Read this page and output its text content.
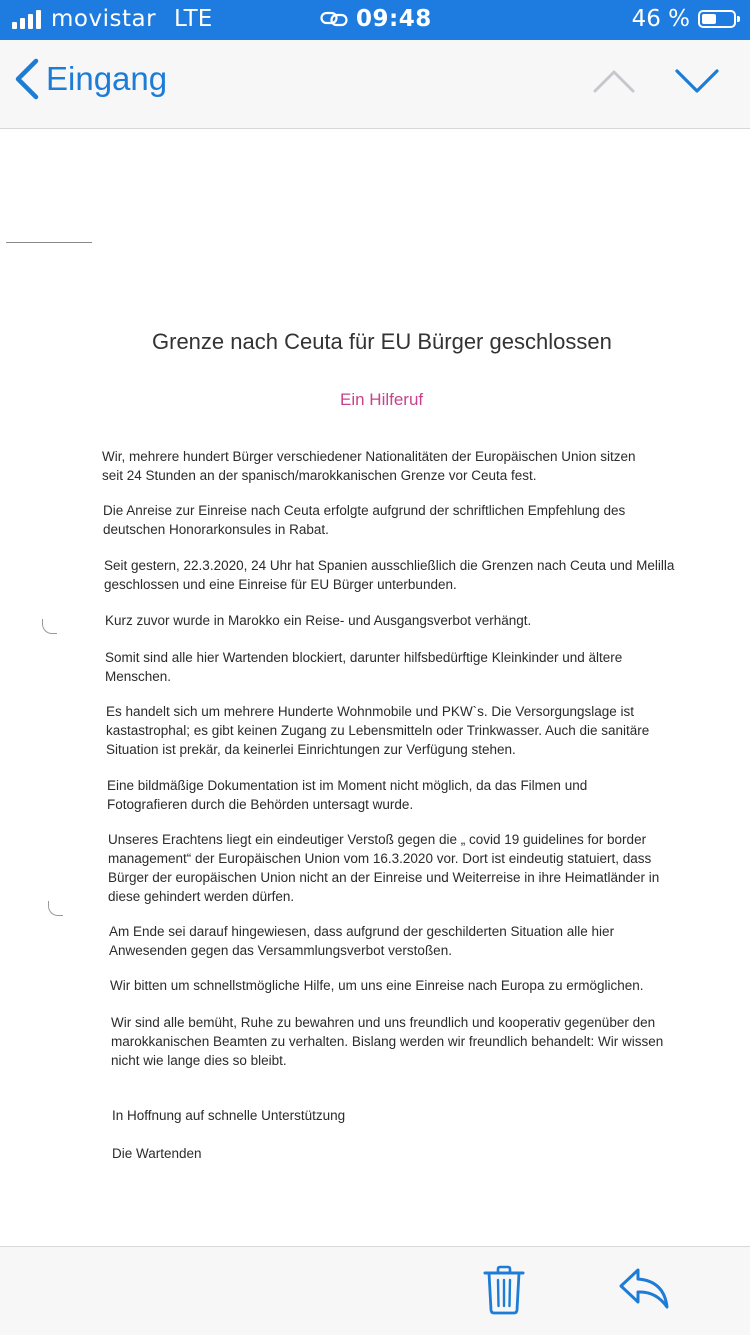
movistar LTE	09:48	46 %
Eingang
Grenze nach Ceuta für EU Bürger geschlossen
Ein Hilferuf

Wir, mehrere hundert Bürger verschiedener Nationalitäten der Europäischen Union sitzen
seit 24 Stunden an der spanisch/marokkanischen Grenze vor Ceuta fest.

Die Anreise zur Einreise nach Ceuta erfolgte aufgrund der schriftlichen Empfehlung des
deutschen Honorarkonsules in Rabat.

Seit gestern, 22.3.2020, 24 Uhr hat Spanien ausschließlich die Grenzen nach Ceuta und Melilla
geschlossen und eine Einreise für EU Bürger unterbunden.

Kurz zuvor wurde in Marokko ein Reise- und Ausgangsverbot verhängt.

Somit sind alle hier Wartenden blockiert, darunter hilfsbedürftige Kleinkinder und ältere
Menschen.

Es handelt sich um mehrere Hunderte Wohnmobile und PKW`s. Die Versorgungslage ist
kastastrophal; es gibt keinen Zugang zu Lebensmitteln oder Trinkwasser. Auch die sanitäre
Situation ist prekär, da keinerlei Einrichtungen zur Verfügung stehen.

Eine bildmäßige Dokumentation ist im Moment nicht möglich, da das Filmen und
Fotografieren durch die Behörden untersagt wurde.

Unseres Erachtens liegt ein eindeutiger Verstoß gegen die „ covid 19 guidelines for border
management“ der Europäischen Union vom 16.3.2020 vor. Dort ist eindeutig statuiert, dass
Bürger der europäischen Union nicht an der Einreise und Weiterreise in ihre Heimatländer in
diese gehindert werden dürfen.

Am Ende sei darauf hingewiesen, dass aufgrund der geschilderten Situation alle hier
Anwesenden gegen das Versammlungsverbot verstoßen.

Wir bitten um schnellstmögliche Hilfe, um uns eine Einreise nach Europa zu ermöglichen.

Wir sind alle bemüht, Ruhe zu bewahren und uns freundlich und kooperativ gegenüber den
marokkanischen Beamten zu verhalten. Bislang werden wir freundlich behandelt: Wir wissen
nicht wie lange dies so bleibt.

In Hoffnung auf schnelle Unterstützung

Die Wartenden
